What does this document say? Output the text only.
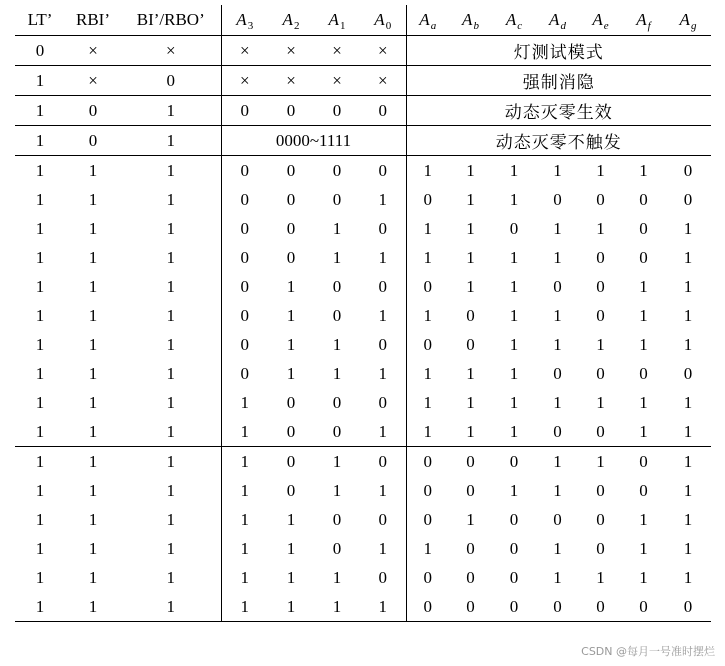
LT’	RBI’	BI’/RBO’	$A_3$	$A_2$	$A_1$	$A_0$	$A_a$	$A_b$	$A_c$	$A_d$	$A_e$	$A_f$	$A_g$
0	×	×	×	×	×	×	灯测试模式						
1	×	0	×	×	×	×	强制消隐						
1	0	1	0	0	0	0	动态灭零生效						
1	0	1	0000~1111				动态灭零不触发						
1	1	1	0	0	0	0	1	1	1	1	1	1	0
1	1	1	0	0	0	1	0	1	1	0	0	0	0
1	1	1	0	0	1	0	1	1	0	1	1	0	1
1	1	1	0	0	1	1	1	1	1	1	0	0	1
1	1	1	0	1	0	0	0	1	1	0	0	1	1
1	1	1	0	1	0	1	1	0	1	1	0	1	1
1	1	1	0	1	1	0	0	0	1	1	1	1	1
1	1	1	0	1	1	1	1	1	1	0	0	0	0
1	1	1	1	0	0	0	1	1	1	1	1	1	1
1	1	1	1	0	0	1	1	1	1	0	0	1	1
1	1	1	1	0	1	0	0	0	0	1	1	0	1
1	1	1	1	0	1	1	0	0	1	1	0	0	1
1	1	1	1	1	0	0	0	1	0	0	0	1	1
1	1	1	1	1	0	1	1	0	0	1	0	1	1
1	1	1	1	1	1	0	0	0	0	1	1	1	1
1	1	1	1	1	1	1	0	0	0	0	0	0	0
CSDN @每月一号准时摆烂
